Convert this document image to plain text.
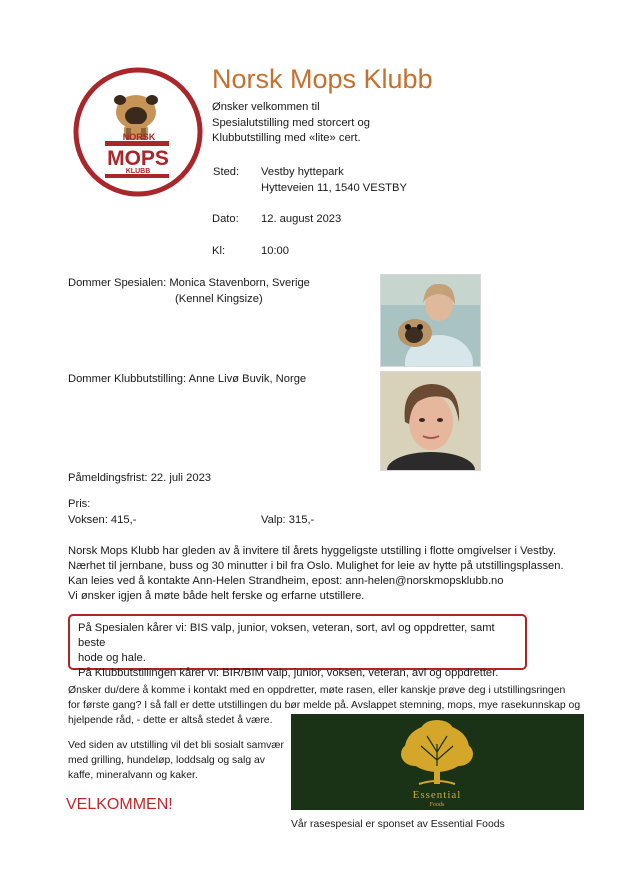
NORSK
MOPS
KLUBB
Norsk Mops Klubb
Ønsker velkommen til
Spesialutstilling med storcert og
Klubbutstilling med «lite» cert.
Sted: Vestby hyttepark
Hytteveien 11, 1540 VESTBY
Dato: 12. august 2023
Kl:	10:00
Dommer Spesialen: Monica Stavenborn, Sverige
(Kennel Kingsize)
Dommer Klubbutstilling: Anne Livø Buvik, Norge
Påmeldingsfrist: 22. juli 2023
Pris:
Voksen: 415,-	Valp: 315,-
Norsk Mops Klubb har gleden av å invitere til årets hyggeligste utstilling i flotte omgivelser i Vestby.
Nærhet til jernbane, buss og 30 minutter i bil fra Oslo. Mulighet for leie av hytte på utstillingsplassen.
Kan leies ved å kontakte Ann-Helen Strandheim, epost: ann-helen@norskmopsklubb.no
Vi ønsker igjen å møte både helt ferske og erfarne utstillere.
På Spesialen kårer vi: BIS valp, junior, voksen, veteran, sort, avl og oppdretter, samt beste
hode og hale.
På Klubbutstillingen kårer vi: BIR/BIM valp, junior, voksen, veteran, avl og oppdretter.
Ønsker du/dere å komme i kontakt med en oppdretter, møte rasen, eller kanskje prøve deg i utstillingsringen
for første gang? I så fall er dette utstillingen du bør melde på. Avslappet stemning, mops, mye rasekunnskap og
hjelpende råd, - dette er altså stedet å være.
Ved siden av utstilling vil det bli sosialt samvær
med grilling, hundeløp, loddsalg og salg av
kaffe, mineralvann og kaker.
VELKOMMEN!
Essential
Foods
Vår rasespesial er sponset av Essential Foods
